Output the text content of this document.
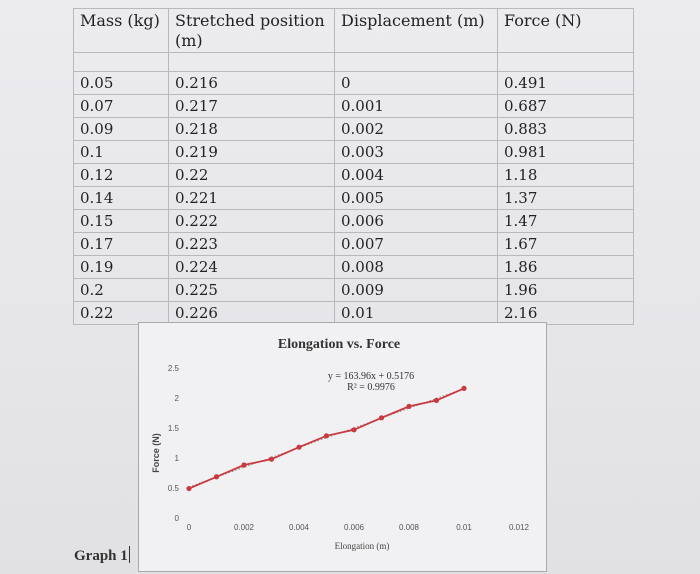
Mass (kg)	Stretched position (m)	Displacement (m)	Force (N)

0.05	0.216	0	0.491
0.07	0.217	0.001	0.687
0.09	0.218	0.002	0.883
0.1	0.219	0.003	0.981
0.12	0.22	0.004	1.18
0.14	0.221	0.005	1.37
0.15	0.222	0.006	1.47
0.17	0.223	0.007	1.67
0.19	0.224	0.008	1.86
0.2	0.225	0.009	1.96
0.22	0.226	0.01	2.16
Elongation vs. Force
y = 163.96x + 0.5176
R² = 0.9976
Elongation (m)
Force (N)
0
0.5
1
1.5
2
2.5
0	0.002	0.004	0.006	0.008	0.01	0.012
Graph 1
